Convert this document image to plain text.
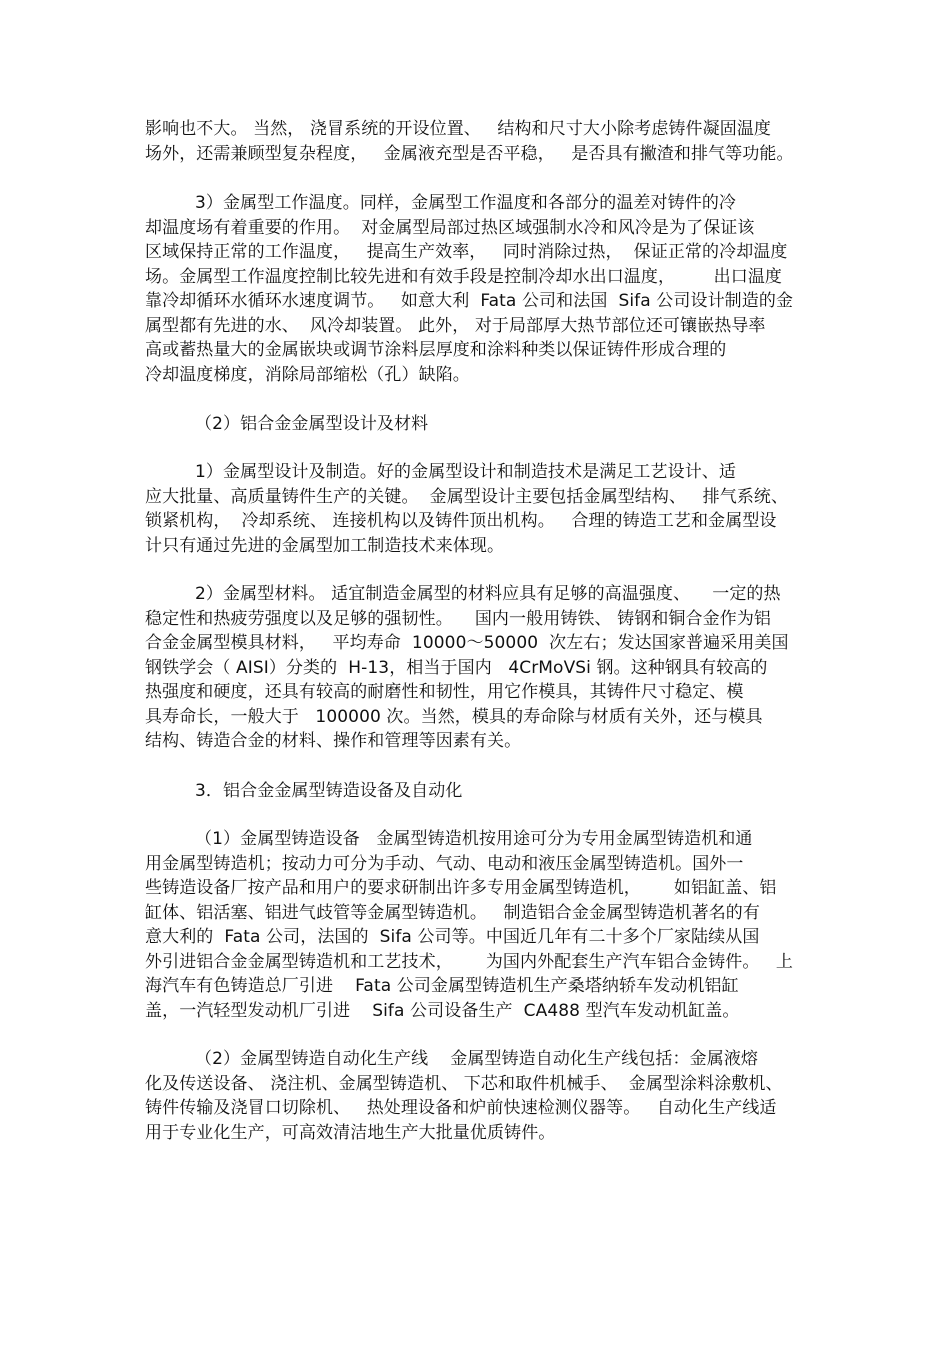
影响也不大。 当然， 浇冒系统的开设位置、   结构和尺寸大小除考虑铸件凝固温度
场外，还需兼顾型复杂程度，   金属液充型是否平稳，   是否具有撇渣和排气等功能。
3）金属型工作温度。同样，金属型工作温度和各部分的温差对铸件的冷
却温度场有着重要的作用。  对金属型局部过热区域强制水冷和风冷是为了保证该
区域保持正常的工作温度，   提高生产效率，   同时消除过热，  保证正常的冷却温度
场。金属型工作温度控制比较先进和有效手段是控制冷却水出口温度，       出口温度
靠冷却循环水循环水速度调节。   如意大利  Fata 公司和法国  Sifa 公司设计制造的金
属型都有先进的水、  风冷却装置。 此外， 对于局部厚大热节部位还可镶嵌热导率
高或蓄热量大的金属嵌块或调节涂料层厚度和涂料种类以保证铸件形成合理的
冷却温度梯度，消除局部缩松（孔）缺陷。
（2）铝合金金属型设计及材料
1）金属型设计及制造。好的金属型设计和制造技术是满足工艺设计、适
应大批量、高质量铸件生产的关键。  金属型设计主要包括金属型结构、   排气系统、
锁紧机构，  冷却系统、 连接机构以及铸件顶出机构。   合理的铸造工艺和金属型设
计只有通过先进的金属型加工制造技术来体现。
2）金属型材料。 适宜制造金属型的材料应具有足够的高温强度、    一定的热
稳定性和热疲劳强度以及足够的强韧性。    国内一般用铸铁、 铸钢和铜合金作为铝
合金金属型模具材料，   平均寿命  10000～50000  次左右；发达国家普遍采用美国
钢铁学会（ AISI）分类的  H-13，相当于国内   4CrMoVSi 钢。这种钢具有较高的
热强度和硬度，还具有较高的耐磨性和韧性，用它作模具，其铸件尺寸稳定、模
具寿命长，一般大于   100000 次。当然，模具的寿命除与材质有关外，还与模具
结构、铸造合金的材料、操作和管理等因素有关。
3．铝合金金属型铸造设备及自动化
（1）金属型铸造设备   金属型铸造机按用途可分为专用金属型铸造机和通
用金属型铸造机；按动力可分为手动、气动、电动和液压金属型铸造机。国外一
些铸造设备厂按产品和用户的要求研制出许多专用金属型铸造机，      如铝缸盖、铝
缸体、铝活塞、铝进气歧管等金属型铸造机。   制造铝合金金属型铸造机著名的有
意大利的  Fata 公司，法国的  Sifa 公司等。中国近几年有二十多个厂家陆续从国
外引进铝合金金属型铸造机和工艺技术，      为国内外配套生产汽车铝合金铸件。   上
海汽车有色铸造总厂引进    Fata 公司金属型铸造机生产桑塔纳轿车发动机铝缸
盖，一汽轻型发动机厂引进    Sifa 公司设备生产  CA488 型汽车发动机缸盖。
（2）金属型铸造自动化生产线    金属型铸造自动化生产线包括：金属液熔
化及传送设备、 浇注机、金属型铸造机、 下芯和取件机械手、  金属型涂料涂敷机、
铸件传输及浇冒口切除机、   热处理设备和炉前快速检测仪器等。   自动化生产线适
用于专业化生产，可高效清洁地生产大批量优质铸件。
